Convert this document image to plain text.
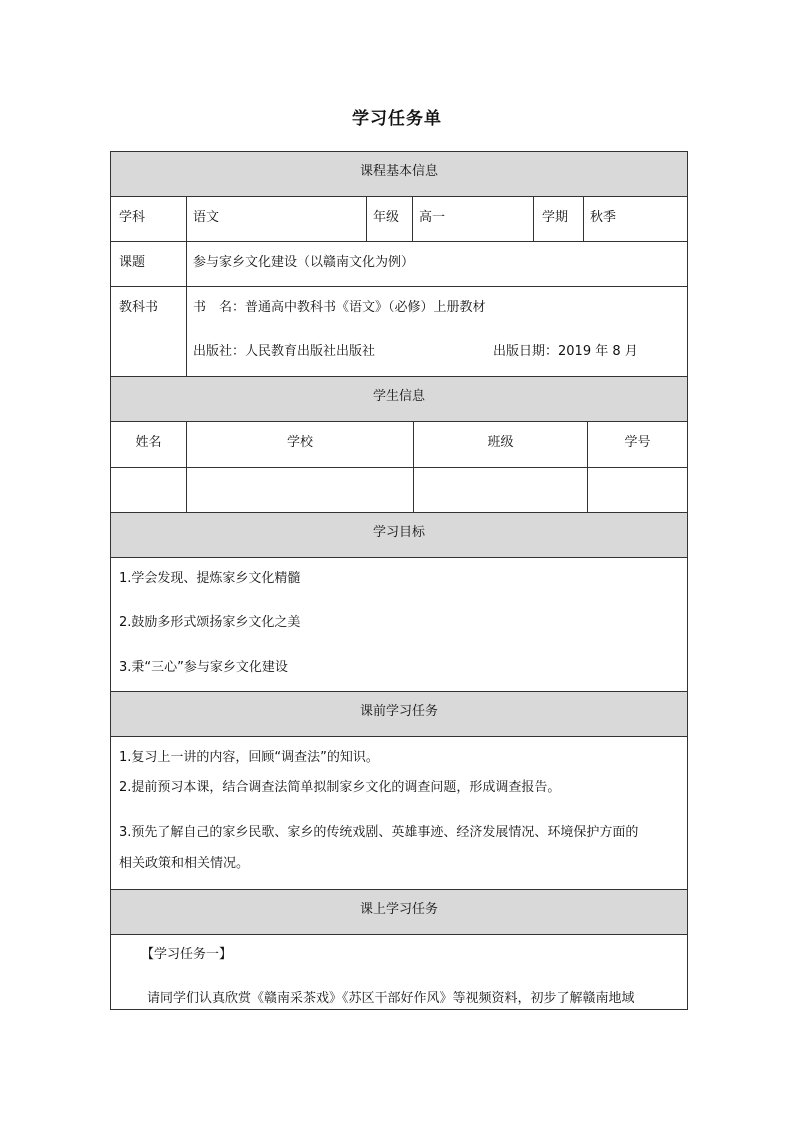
学习任务单
课程基本信息
学科	语文	年级 高一	学期 秋季
课题	参与家乡文化建设（以赣南文化为例）
教科书	书　名：普通高中教科书《语文》（必修）上册教材
出版社：人民教育出版社出版社	出版日期：2019 年 8 月
学生信息
姓名	学校	班级	学号
学习目标
1.学会发现、提炼家乡文化精髓
2.鼓励多形式颂扬家乡文化之美
3.秉“三心”参与家乡文化建设
课前学习任务
1.复习上一讲的内容，回顾“调查法”的知识。
2.提前预习本课，结合调查法简单拟制家乡文化的调查问题，形成调查报告。
3.预先了解自己的家乡民歌、家乡的传统戏剧、英雄事迹、经济发展情况、环境保护方面的
相关政策和相关情况。
课上学习任务
【学习任务一】
请同学们认真欣赏《赣南采茶戏》《苏区干部好作风》等视频资料，初步了解赣南地域
